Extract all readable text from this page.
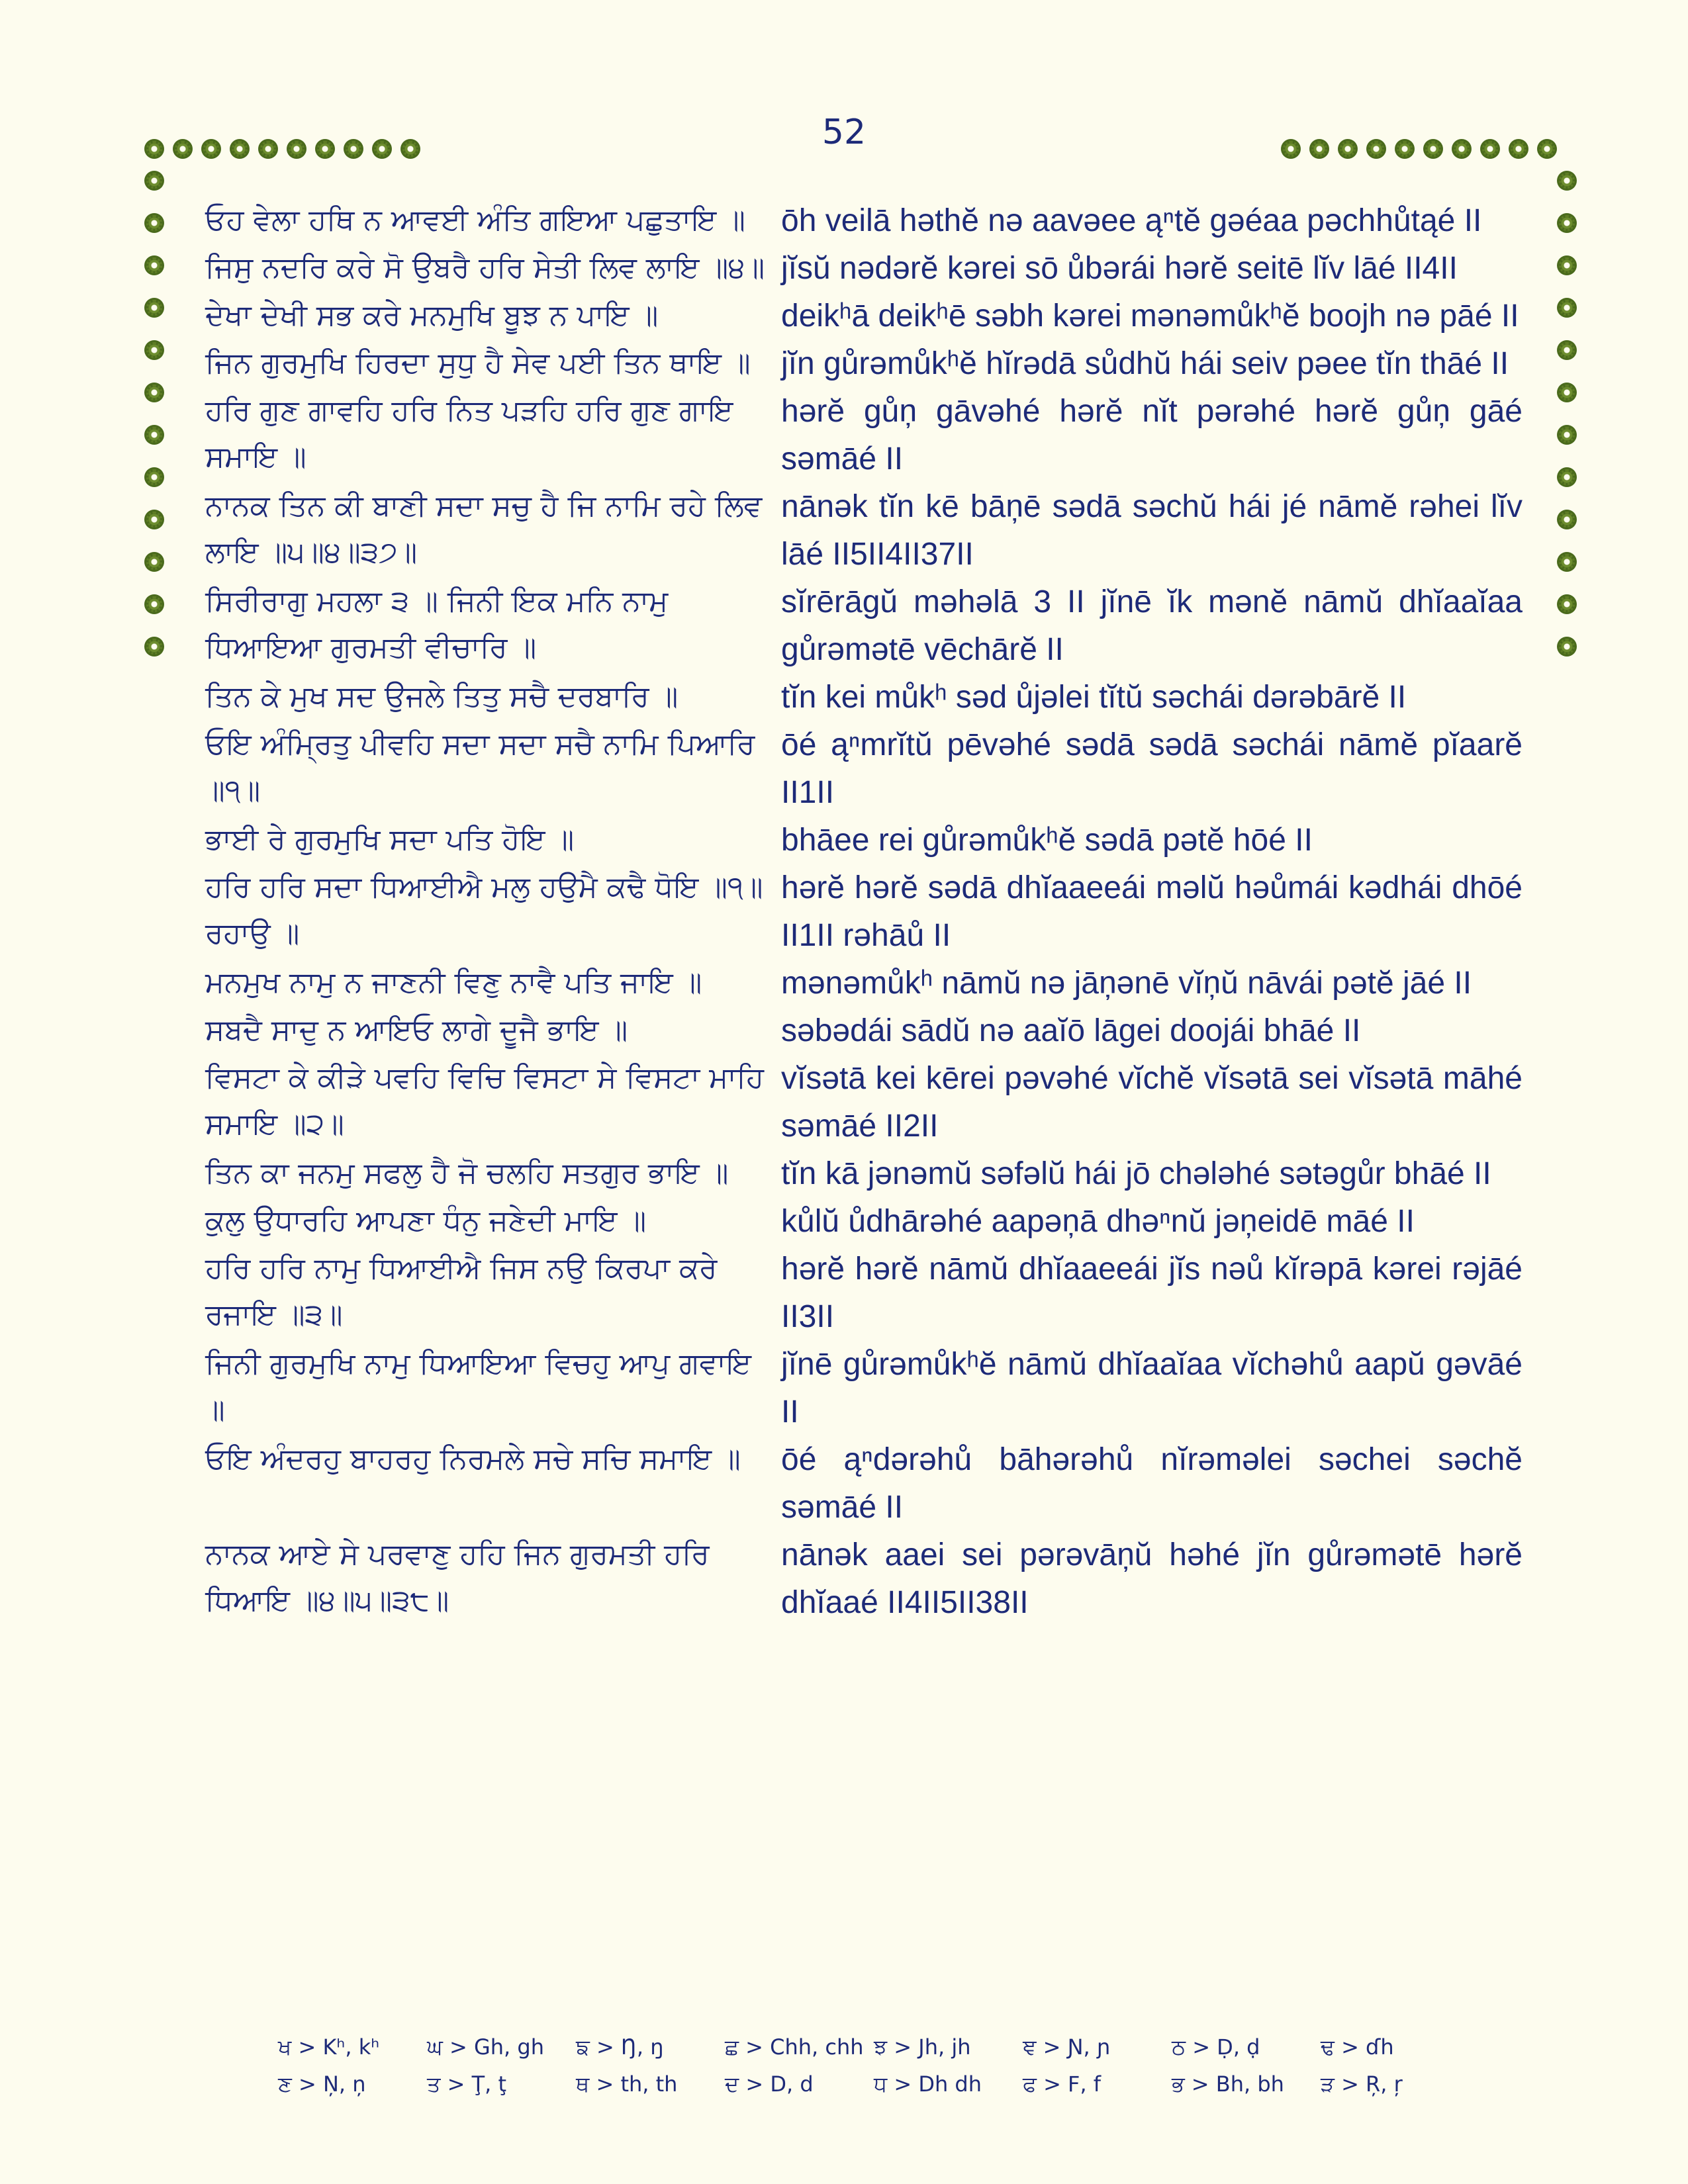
52
ਓਹ ਵੇਲਾ ਹਥਿ ਨ ਆਵਈ ਅੰਤਿ ਗਇਆ ਪਛੁਤਾਇ ॥	ōh veilā həthĕ nə aavəee ąⁿtĕ gəéaa pəchhůtąé II
ਜਿਸੁ ਨਦਰਿ ਕਰੇ ਸੋ ਉਬਰੈ ਹਰਿ ਸੇਤੀ ਲਿਵ ਲਾਇ ॥੪॥ jĭsŭ nədərĕ kərei sō ůbərái hərĕ seitē lĭv lāé II4II
ਦੇਖਾ ਦੇਖੀ ਸਭ ਕਰੇ ਮਨਮੁਖਿ ਬੂਝ ਨ ਪਾਇ ॥	deikʰā deikʰē səbh kərei mənəmůkʰĕ boojh nə pāé II
ਜਿਨ ਗੁਰਮੁਖਿ ਹਿਰਦਾ ਸੁਧੁ ਹੈ ਸੇਵ ਪਈ ਤਿਨ ਥਾਇ ॥ jĭn gůrəmůkʰĕ hĭrədā sůdhŭ hái seiv pəee tĭn thāé II
ਹਰਿ ਗੁਣ ਗਾਵਹਿ ਹਰਿ ਨਿਤ ਪੜਹਿ ਹਰਿ ਗੁਣ ਗਾਇ ਸਮਾਇ ॥
hərĕ gůņ gāvəhé hərĕ nĭt pərəhé hərĕ gůņ gāé səmāé II
ਨਾਨਕ ਤਿਨ ਕੀ ਬਾਣੀ ਸਦਾ ਸਚੁ ਹੈ ਜਿ ਨਾਮਿ ਰਹੇ ਲਿਵ ਲਾਇ ॥੫॥੪॥੩੭॥
nānək tĭn kē bāņē sədā səchŭ hái jé nāmĕ rəhei lĭv lāé II5II4II37II
ਸਿਰੀਰਾਗੁ ਮਹਲਾ ੩ ॥ ਜਿਨੀ ਇਕ ਮਨਿ ਨਾਮੁ ਧਿਆਇਆ ਗੁਰਮਤੀ ਵੀਚਾਰਿ ॥
sĭrērāgŭ məhəlā 3 II jĭnē ĭk mənĕ nāmŭ dhĭaaĭaa gůrəmətē vēchārĕ II
ਤਿਨ ਕੇ ਮੁਖ ਸਦ ਉਜਲੇ ਤਿਤੁ ਸਚੈ ਦਰਬਾਰਿ ॥	tĭn kei můkʰ səd ůjəlei tĭtŭ səchái dərəbārĕ II
ਓਇ ਅੰਮ੍ਰਿਤੁ ਪੀਵਹਿ ਸਦਾ ਸਦਾ ਸਚੈ ਨਾਮਿ ਪਿਆਰਿ ॥੧॥
ōé ąⁿmrĭtŭ pēvəhé sədā sədā səchái nāmĕ pĭaarĕ II1II
ਭਾਈ ਰੇ ਗੁਰਮੁਖਿ ਸਦਾ ਪਤਿ ਹੋਇ ॥	bhāee rei gůrəmůkʰĕ sədā pətĕ hōé II
ਹਰਿ ਹਰਿ ਸਦਾ ਧਿਆਈਐ ਮਲੁ ਹਉਮੈ ਕਢੈ ਧੋਇ ॥੧॥ ਰਹਾਉ ॥
hərĕ hərĕ sədā dhĭaaeeái məlŭ həůmái kədhái dhōé II1II rəhāů II
ਮਨਮੁਖ ਨਾਮੁ ਨ ਜਾਣਨੀ ਵਿਣੁ ਨਾਵੈ ਪਤਿ ਜਾਇ ॥	mənəmůkʰ nāmŭ nə jāņənē vĭņŭ nāvái pətĕ jāé II
ਸਬਦੈ ਸਾਦੁ ਨ ਆਇਓ ਲਾਗੇ ਦੂਜੈ ਭਾਇ ॥	səbədái sādŭ nə aaĭō lāgei doojái bhāé II
ਵਿਸਟਾ ਕੇ ਕੀੜੇ ਪਵਹਿ ਵਿਚਿ ਵਿਸਟਾ ਸੇ ਵਿਸਟਾ ਮਾਹਿ ਸਮਾਇ ॥੨॥
vĭsətā kei kērei pəvəhé vĭchĕ vĭsətā sei vĭsətā māhé səmāé II2II
ਤਿਨ ਕਾ ਜਨਮੁ ਸਫਲੁ ਹੈ ਜੋ ਚਲਹਿ ਸਤਗੁਰ ਭਾਇ ॥	tĭn kā jənəmŭ səfəlŭ hái jō chələhé sətəgůr bhāé II
ਕੁਲੁ ਉਧਾਰਹਿ ਆਪਣਾ ਧੰਨੁ ਜਣੇਦੀ ਮਾਇ ॥	kůlŭ ůdhārəhé aapəņā dhəⁿnŭ jəņeidē māé II
ਹਰਿ ਹਰਿ ਨਾਮੁ ਧਿਆਈਐ ਜਿਸ ਨਉ ਕਿਰਪਾ ਕਰੇ ਰਜਾਇ ॥੩॥
hərĕ hərĕ nāmŭ dhĭaaeeái jĭs nəů kĭrəpā kərei rəjāé II3II
ਜਿਨੀ ਗੁਰਮੁਖਿ ਨਾਮੁ ਧਿਆਇਆ ਵਿਚਹੁ ਆਪੁ ਗਵਾਇ ॥
jĭnē gůrəmůkʰĕ nāmŭ dhĭaaĭaa vĭchəhů aapŭ gəvāé II
ਓਇ ਅੰਦਰਹੁ ਬਾਹਰਹੁ ਨਿਰਮਲੇ ਸਚੇ ਸਚਿ ਸਮਾਇ ॥	ōé ąⁿdərəhů bāhərəhů nĭrəməlei səchei səchĕ səmāé II
ਨਾਨਕ ਆਏ ਸੇ ਪਰਵਾਣੁ ਹਹਿ ਜਿਨ ਗੁਰਮਤੀ ਹਰਿ ਧਿਆਇ ॥੪॥੫॥੩੮॥
nānək aaei sei pərəvāņŭ həhé jĭn gůrəmətē hərĕ dhĭaaé II4II5II38II
ਖ > Kʰ, kʰ	ਘ > Gh, gh	ਙ > Ŋ, ŋ	ਛ > Chh, chh ਝ > Jh, jh	ਞ > Ɲ, ɲ	ਠ > Ḍ, ḍ	ਢ > ɗh
ਣ > Ņ, ņ	ਤ > Ţ, ţ	ਥ > th, th	ਦ > D, d	ਧ > Dh dh	ਫ > F, f	ਭ > Bh, bh	ੜ > Ŗ, ŗ
